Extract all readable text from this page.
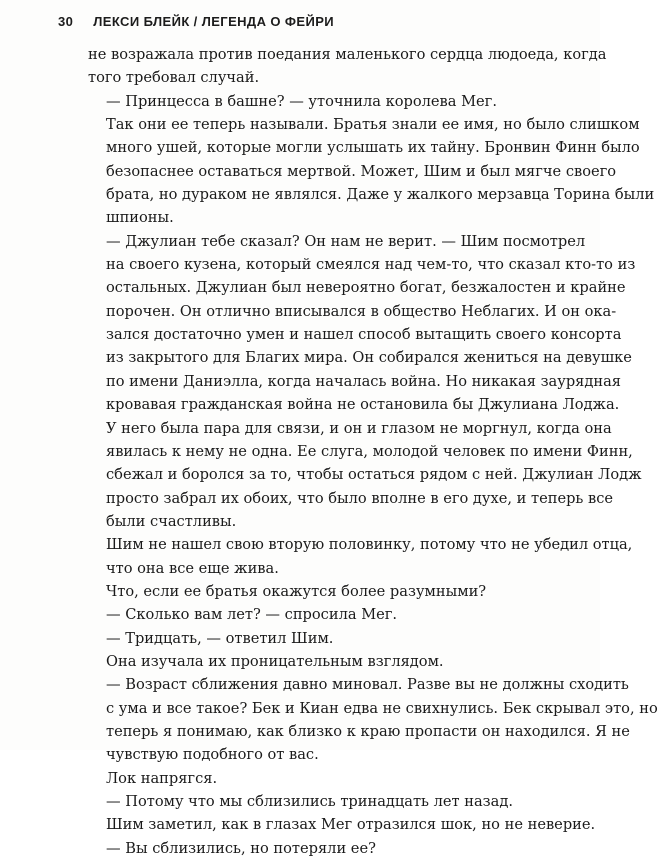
30 ЛЕКСИ БЛЕЙК / ЛЕГЕНДА О ФЕЙРИ

не возражала против поедания маленького сердца людоеда, когда
того требовал случай.

— Принцесса в башне? — уточнила королева Мег.

Так они ее теперь называли. Братья знали ее имя, но было слишком
много ушей, которые могли услышать их тайну. Бронвин Финн было
безопаснее оставаться мертвой. Может, Шим и был мягче своего
брата, но дураком не являлся. Даже у жалкого мерзавца Торина были
шпионы.

— Джулиан тебе сказал? Он нам не верит. — Шим посмотрел
на своего кузена, который смеялся над чем-то, что сказал кто-то из
остальных. Джулиан был невероятно богат, безжалостен и крайне
порочен. Он отлично вписывался в общество Неблагих. И он ока-
зался достаточно умен и нашел способ вытащить своего консорта
из закрытого для Благих мира. Он собирался жениться на девушке
по имени Даниэлла, когда началась война. Но никакая заурядная
кровавая гражданская война не остановила бы Джулиана Лоджа.
У него была пара для связи, и он и глазом не моргнул, когда она
явилась к нему не одна. Ее слуга, молодой человек по имени Финн,
сбежал и боролся за то, чтобы остаться рядом с ней. Джулиан Лодж
просто забрал их обоих, что было вполне в его духе, и теперь все
были счастливы.

Шим не нашел свою вторую половинку, потому что не убедил отца,
что она все еще жива.

Что, если ее братья окажутся более разумными?

— Сколько вам лет? — спросила Мег.

— Тридцать, — ответил Шим.

Она изучала их проницательным взглядом.

— Возраст сближения давно миновал. Разве вы не должны сходить
с ума и все такое? Бек и Киан едва не свихнулись. Бек скрывал это, но
теперь я понимаю, как близко к краю пропасти он находился. Я не
чувствую подобного от вас.

Лок напрягся.

— Потому что мы сблизились тринадцать лет назад.

Шим заметил, как в глазах Мег отразился шок, но не неверие.

— Вы сблизились, но потеряли ее?
